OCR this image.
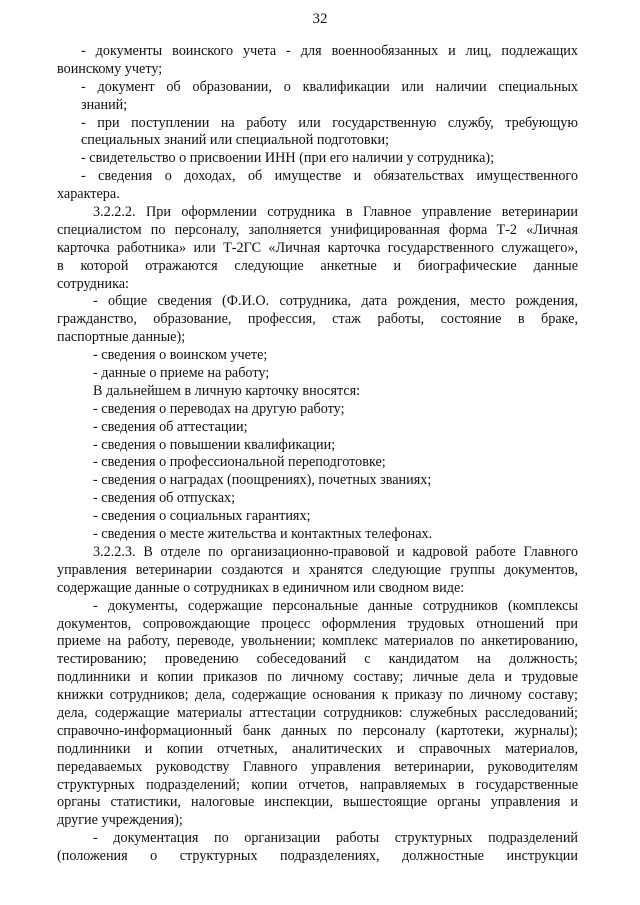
32
- документы воинского учета - для военнообязанных и лиц, подлежащих
воинскому учету;
- документ об образовании, о квалификации или наличии специальных
знаний;
- при поступлении на работу или государственную службу, требующую
специальных знаний или специальной подготовки;
- свидетельство о присвоении ИНН (при его наличии у сотрудника);
- сведения о доходах, об имуществе и обязательствах имущественного
характера.
3.2.2.2. При оформлении сотрудника в Главное управление ветеринарии
специалистом по персоналу, заполняется унифицированная форма Т-2 «Личная
карточка работника» или Т-2ГС «Личная карточка государственного служащего»,
в которой отражаются следующие анкетные и биографические данные
сотрудника:
- общие сведения (Ф.И.О. сотрудника, дата рождения, место рождения,
гражданство, образование, профессия, стаж работы, состояние в браке,
паспортные данные);
- сведения о воинском учете;
- данные о приеме на работу;
В дальнейшем в личную карточку вносятся:
- сведения о переводах на другую работу;
- сведения об аттестации;
- сведения о повышении квалификации;
- сведения о профессиональной переподготовке;
- сведения о наградах (поощрениях), почетных званиях;
- сведения об отпусках;
- сведения о социальных гарантиях;
- сведения о месте жительства и контактных телефонах.
3.2.2.3. В отделе по организационно-правовой и кадровой работе Главного
управления ветеринарии создаются и хранятся следующие группы документов,
содержащие данные о сотрудниках в единичном или сводном виде:
- документы, содержащие персональные данные сотрудников (комплексы
документов, сопровождающие процесс оформления трудовых отношений при
приеме на работу, переводе, увольнении; комплекс материалов по анкетированию,
тестированию; проведению собеседований с кандидатом на должность;
подлинники и копии приказов по личному составу; личные дела и трудовые
книжки сотрудников; дела, содержащие основания к приказу по личному составу;
дела, содержащие материалы аттестации сотрудников: служебных расследований;
справочно-информационный банк данных по персоналу (картотеки, журналы);
подлинники и копии отчетных, аналитических и справочных материалов,
передаваемых руководству Главного управления ветеринарии, руководителям
структурных подразделений; копии отчетов, направляемых в государственные
органы статистики, налоговые инспекции, вышестоящие органы управления и
другие учреждения);
- документация по организации работы структурных подразделений
(положения о структурных подразделениях, должностные инструкции
